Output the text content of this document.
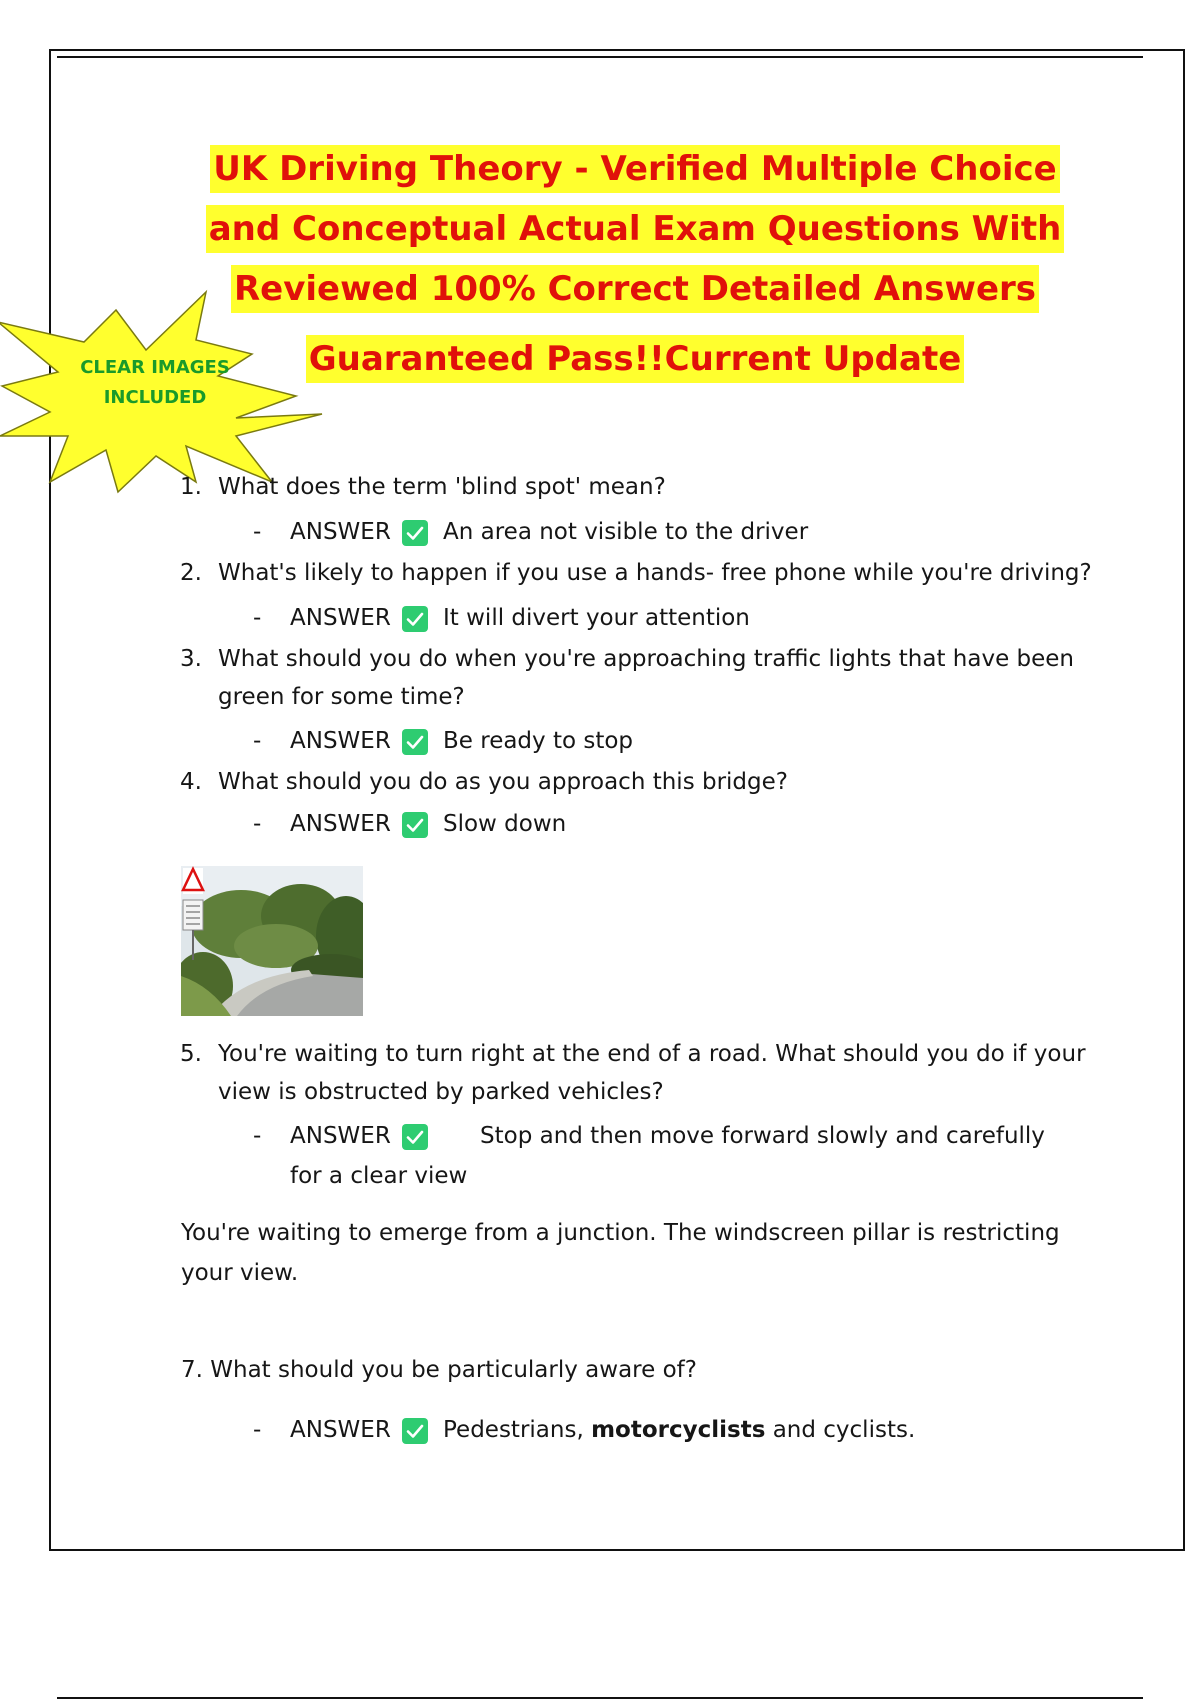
CLEAR IMAGES
INCLUDED
UK Driving Theory - Verified Multiple Choice
and Conceptual Actual Exam Questions With
Reviewed 100% Correct Detailed Answers
Guaranteed Pass!!Current Update
1. What does the term 'blind spot' mean?
- ANSWER An area not visible to the driver
2. What's likely to happen if you use a hands- free phone while you're driving?
- ANSWER It will divert your attention
3. What should you do when you're approaching traffic lights that have been green for some time?
- ANSWER Be ready to stop
4. What should you do as you approach this bridge?
- ANSWER Slow down
5. You're waiting to turn right at the end of a road. What should you do if your view is obstructed by parked vehicles?
- ANSWER	Stop and then move forward slowly and carefully for a clear view
You're waiting to emerge from a junction. The windscreen pillar is restricting your view.
7. What should you be particularly aware of?
- ANSWER Pedestrians, motorcyclists and cyclists.
